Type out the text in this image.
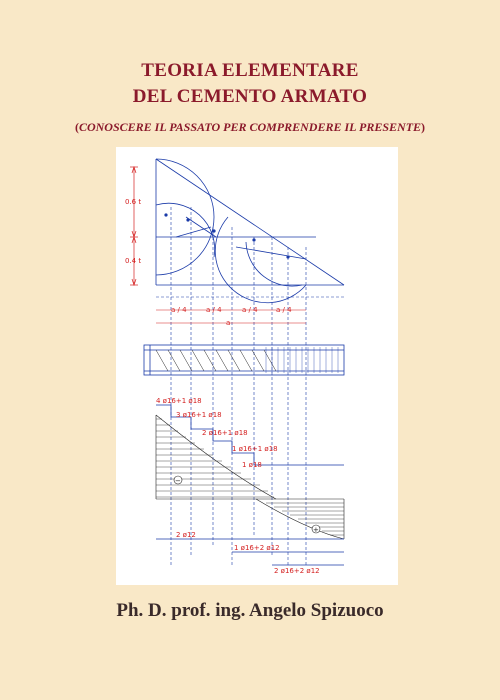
TEORIA ELEMENTARE
DEL CEMENTO ARMATO
(CONOSCERE IL PASSATO PER COMPRENDERE IL PRESENTE)
0.6 t
0.4 t
a / 4	a / 4	a / 4	a / 4
a
4 ø16+1 ø18
3 ø16+1 ø18
2 ø16+1 ø18
1 ø16+1 ø18
1 ø18
−
+
2 ø12
1 ø16+2 ø12
2 ø16+2 ø12
Ph. D. prof. ing. Angelo Spizuoco
